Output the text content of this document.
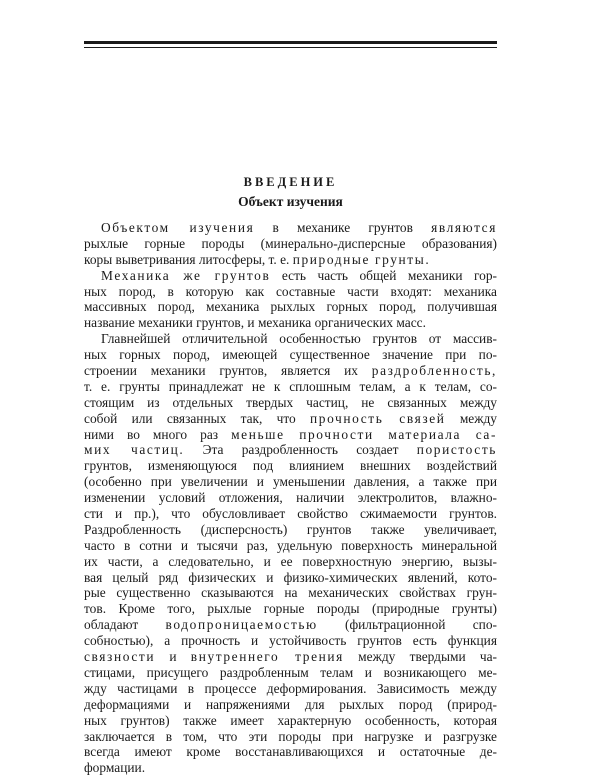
ВВЕДЕНИЕ
Объект изучения
Объектом изучения в механике грунтов являются
рыхлые горные породы (минерально-дисперсные образования)
коры выветривания литосферы, т. е. природные грунты.
Механика же грунтов есть часть общей механики гор-
ных пород, в которую как составные части входят: механика
массивных пород, механика рыхлых горных пород, получившая
название механики грунтов, и механика органических масс.
Главнейшей отличительной особенностью грунтов от массив-
ных горных пород, имеющей существенное значение при по-
строении механики грунтов, является их раздробленность,
т. е. грунты принадлежат не к сплошным телам, а к телам, со-
стоящим из отдельных твердых частиц, не связанных между
собой или связанных так, что прочность связей между
ними во много раз меньше прочности материала са-
мих частиц. Эта раздробленность создает пористость
грунтов, изменяющуюся под влиянием внешних воздействий
(особенно при увеличении и уменьшении давления, а также при
изменении условий отложения, наличии электролитов, влажно-
сти и пр.), что обусловливает свойство сжимаемости грунтов.
Раздробленность (дисперсность) грунтов также увеличивает,
часто в сотни и тысячи раз, удельную поверхность минеральной
их части, а следовательно, и ее поверхностную энергию, вызы-
вая целый ряд физических и физико-химических явлений, кото-
рые существенно сказываются на механических свойствах грун-
тов. Кроме того, рыхлые горные породы (природные грунты)
обладают водопроницаемостью (фильтрационной спо-
собностью), а прочность и устойчивость грунтов есть функция
связности и внутреннего трения между твердыми ча-
стицами, присущего раздробленным телам и возникающего ме-
жду частицами в процессе деформирования. Зависимость между
деформациями и напряжениями для рыхлых пород (природ-
ных грунтов) также имеет характерную особенность, которая
заключается в том, что эти породы при нагрузке и разгрузке
всегда имеют кроме восстанавливающихся и остаточные де-
формации.
